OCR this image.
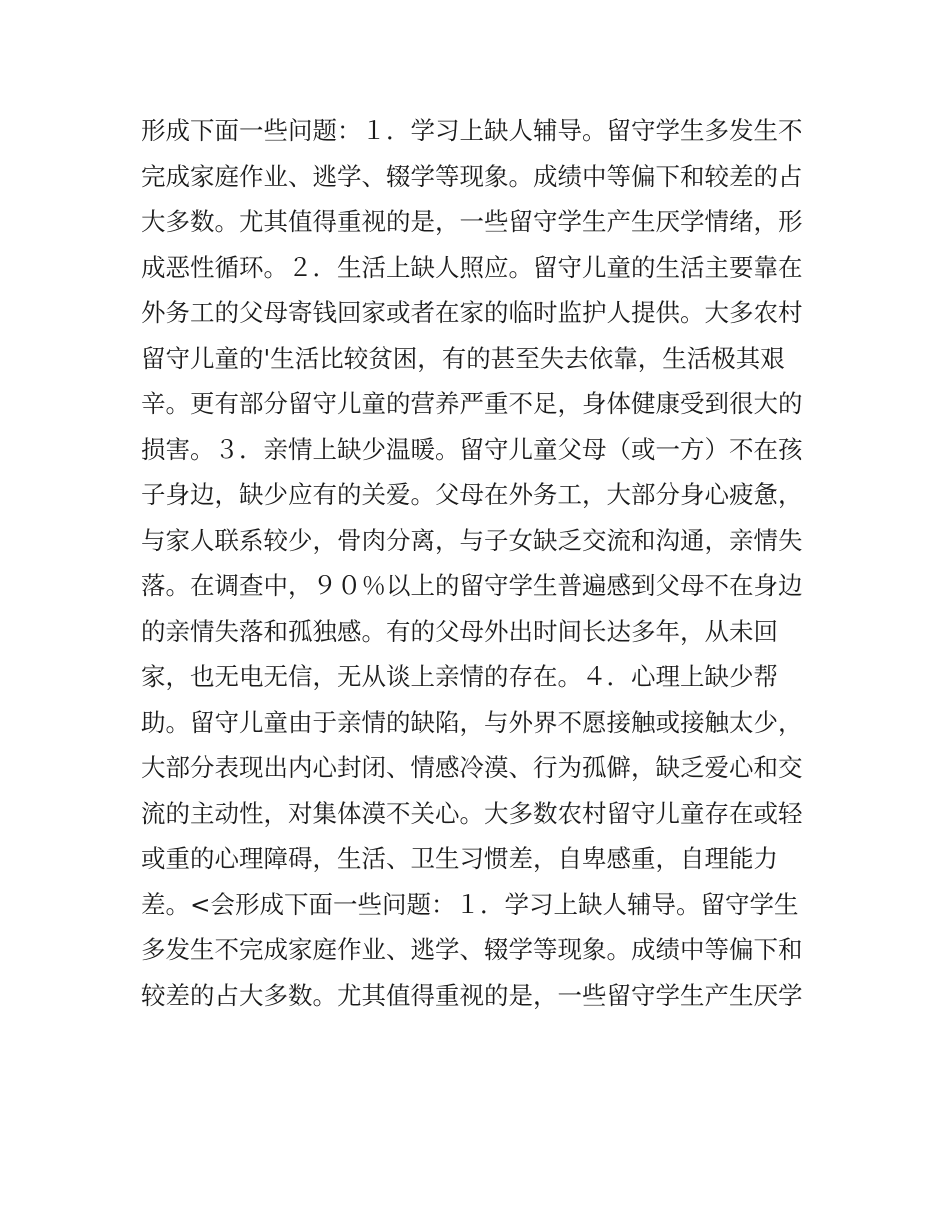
形成下面一些问题：１．学习上缺人辅导。留守学生多发生不
完成家庭作业、逃学、辍学等现象。成绩中等偏下和较差的占
大多数。尤其值得重视的是，一些留守学生产生厌学情绪，形
成恶性循环。２．生活上缺人照应。留守儿童的生活主要靠在
外务工的父母寄钱回家或者在家的临时监护人提供。大多农村
留守儿童的'生活比较贫困，有的甚至失去依靠，生活极其艰
辛。更有部分留守儿童的营养严重不足，身体健康受到很大的
损害。３．亲情上缺少温暖。留守儿童父母（或一方）不在孩
子身边，缺少应有的关爱。父母在外务工，大部分身心疲惫，
与家人联系较少，骨肉分离，与子女缺乏交流和沟通，亲情失
落。在调查中，９０％以上的留守学生普遍感到父母不在身边
的亲情失落和孤独感。有的父母外出时间长达多年，从未回
家，也无电无信，无从谈上亲情的存在。４．心理上缺少帮
助。留守儿童由于亲情的缺陷，与外界不愿接触或接触太少，
大部分表现出内心封闭、情感冷漠、行为孤僻，缺乏爱心和交
流的主动性，对集体漠不关心。大多数农村留守儿童存在或轻
或重的心理障碍，生活、卫生习惯差，自卑感重，自理能力
差。<会形成下面一些问题：１．学习上缺人辅导。留守学生
多发生不完成家庭作业、逃学、辍学等现象。成绩中等偏下和
较差的占大多数。尤其值得重视的是，一些留守学生产生厌学
